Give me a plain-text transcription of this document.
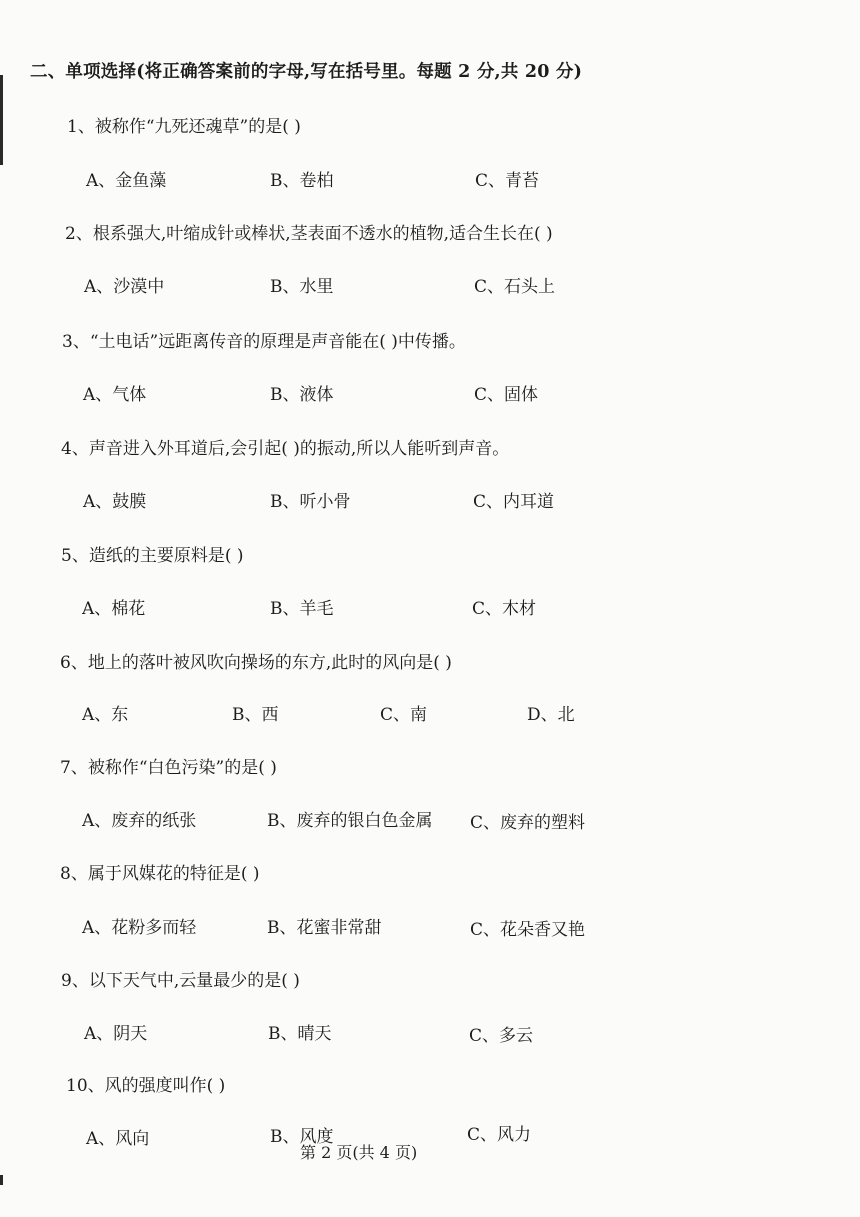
二、单项选择(将正确答案前的字母,写在括号里。每题 2 分,共 20 分)
1、被称作“九死还魂草”的是( )
A、金鱼藻	B、卷柏	C、青苔
2、根系强大,叶缩成针或棒状,茎表面不透水的植物,适合生长在( )
A、沙漠中	B、水里	C、石头上
3、“土电话”远距离传音的原理是声音能在( )中传播。
A、气体	B、液体	C、固体
4、声音进入外耳道后,会引起( )的振动,所以人能听到声音。
A、鼓膜	B、听小骨	C、内耳道
5、造纸的主要原料是( )
A、棉花	B、羊毛	C、木材
6、地上的落叶被风吹向操场的东方,此时的风向是( )
A、东	B、西	C、南	D、北
7、被称作“白色污染”的是( )
A、废弃的纸张	B、废弃的银白色金属 C、废弃的塑料
8、属于风媒花的特征是( )
A、花粉多而轻	B、花蜜非常甜	C、花朵香又艳
9、以下天气中,云量最少的是( )
A、阴天	B、晴天	C、多云
10、风的强度叫作( )
A、风向	B、风度	C、风力
第 2 页(共 4 页)
